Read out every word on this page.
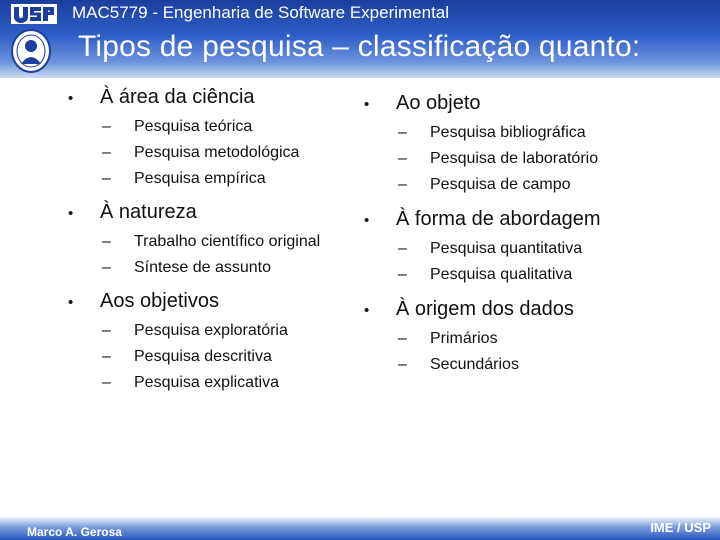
MAC5779 - Engenharia de Software Experimental
Tipos de pesquisa – classificação quanto:
•	À área da ciência
–	Pesquisa teórica
–	Pesquisa metodológica
–	Pesquisa empírica
•	À natureza
–	Trabalho científico original
–	Síntese de assunto
•	Aos objetivos
–	Pesquisa exploratória
–	Pesquisa descritiva
–	Pesquisa explicativa
•	Ao objeto
–	Pesquisa bibliográfica
–	Pesquisa de laboratório
–	Pesquisa de campo
•	À forma de abordagem
–	Pesquisa quantitativa
–	Pesquisa qualitativa
•	À origem dos dados
–	Primários
–	Secundários
Marco A. Gerosa	IME / USP
